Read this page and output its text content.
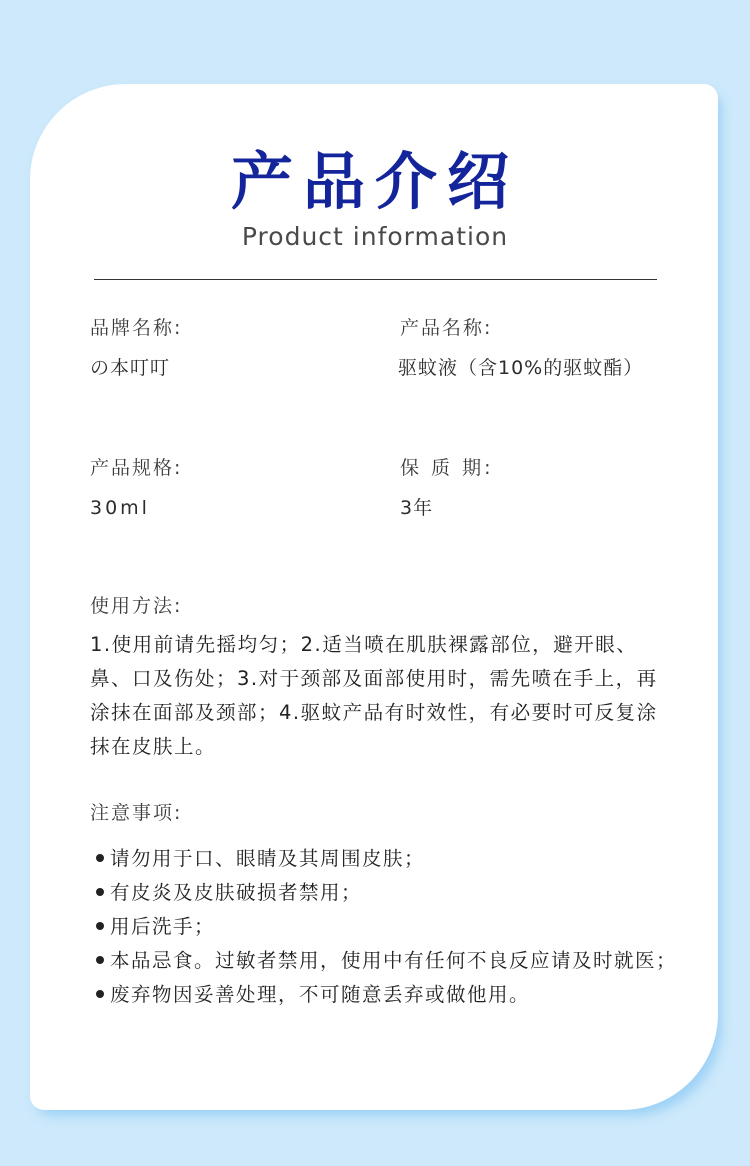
产品介绍
Product information
品牌名称:
の本叮叮
产品名称:
驱蚊液（含10%的驱蚊酯）
产品规格:
30ml
保 质 期:
3年
使用方法:
1.使用前请先摇均匀；2.适当喷在肌肤裸露部位，避开眼、鼻、口及伤处；3.对于颈部及面部使用时，需先喷在手上，再涂抹在面部及颈部；4.驱蚊产品有时效性，有必要时可反复涂抹在皮肤上。
注意事项:
请勿用于口、眼睛及其周围皮肤；
有皮炎及皮肤破损者禁用；
用后洗手；
本品忌食。过敏者禁用，使用中有任何不良反应请及时就医；
废弃物因妥善处理，不可随意丢弃或做他用。
